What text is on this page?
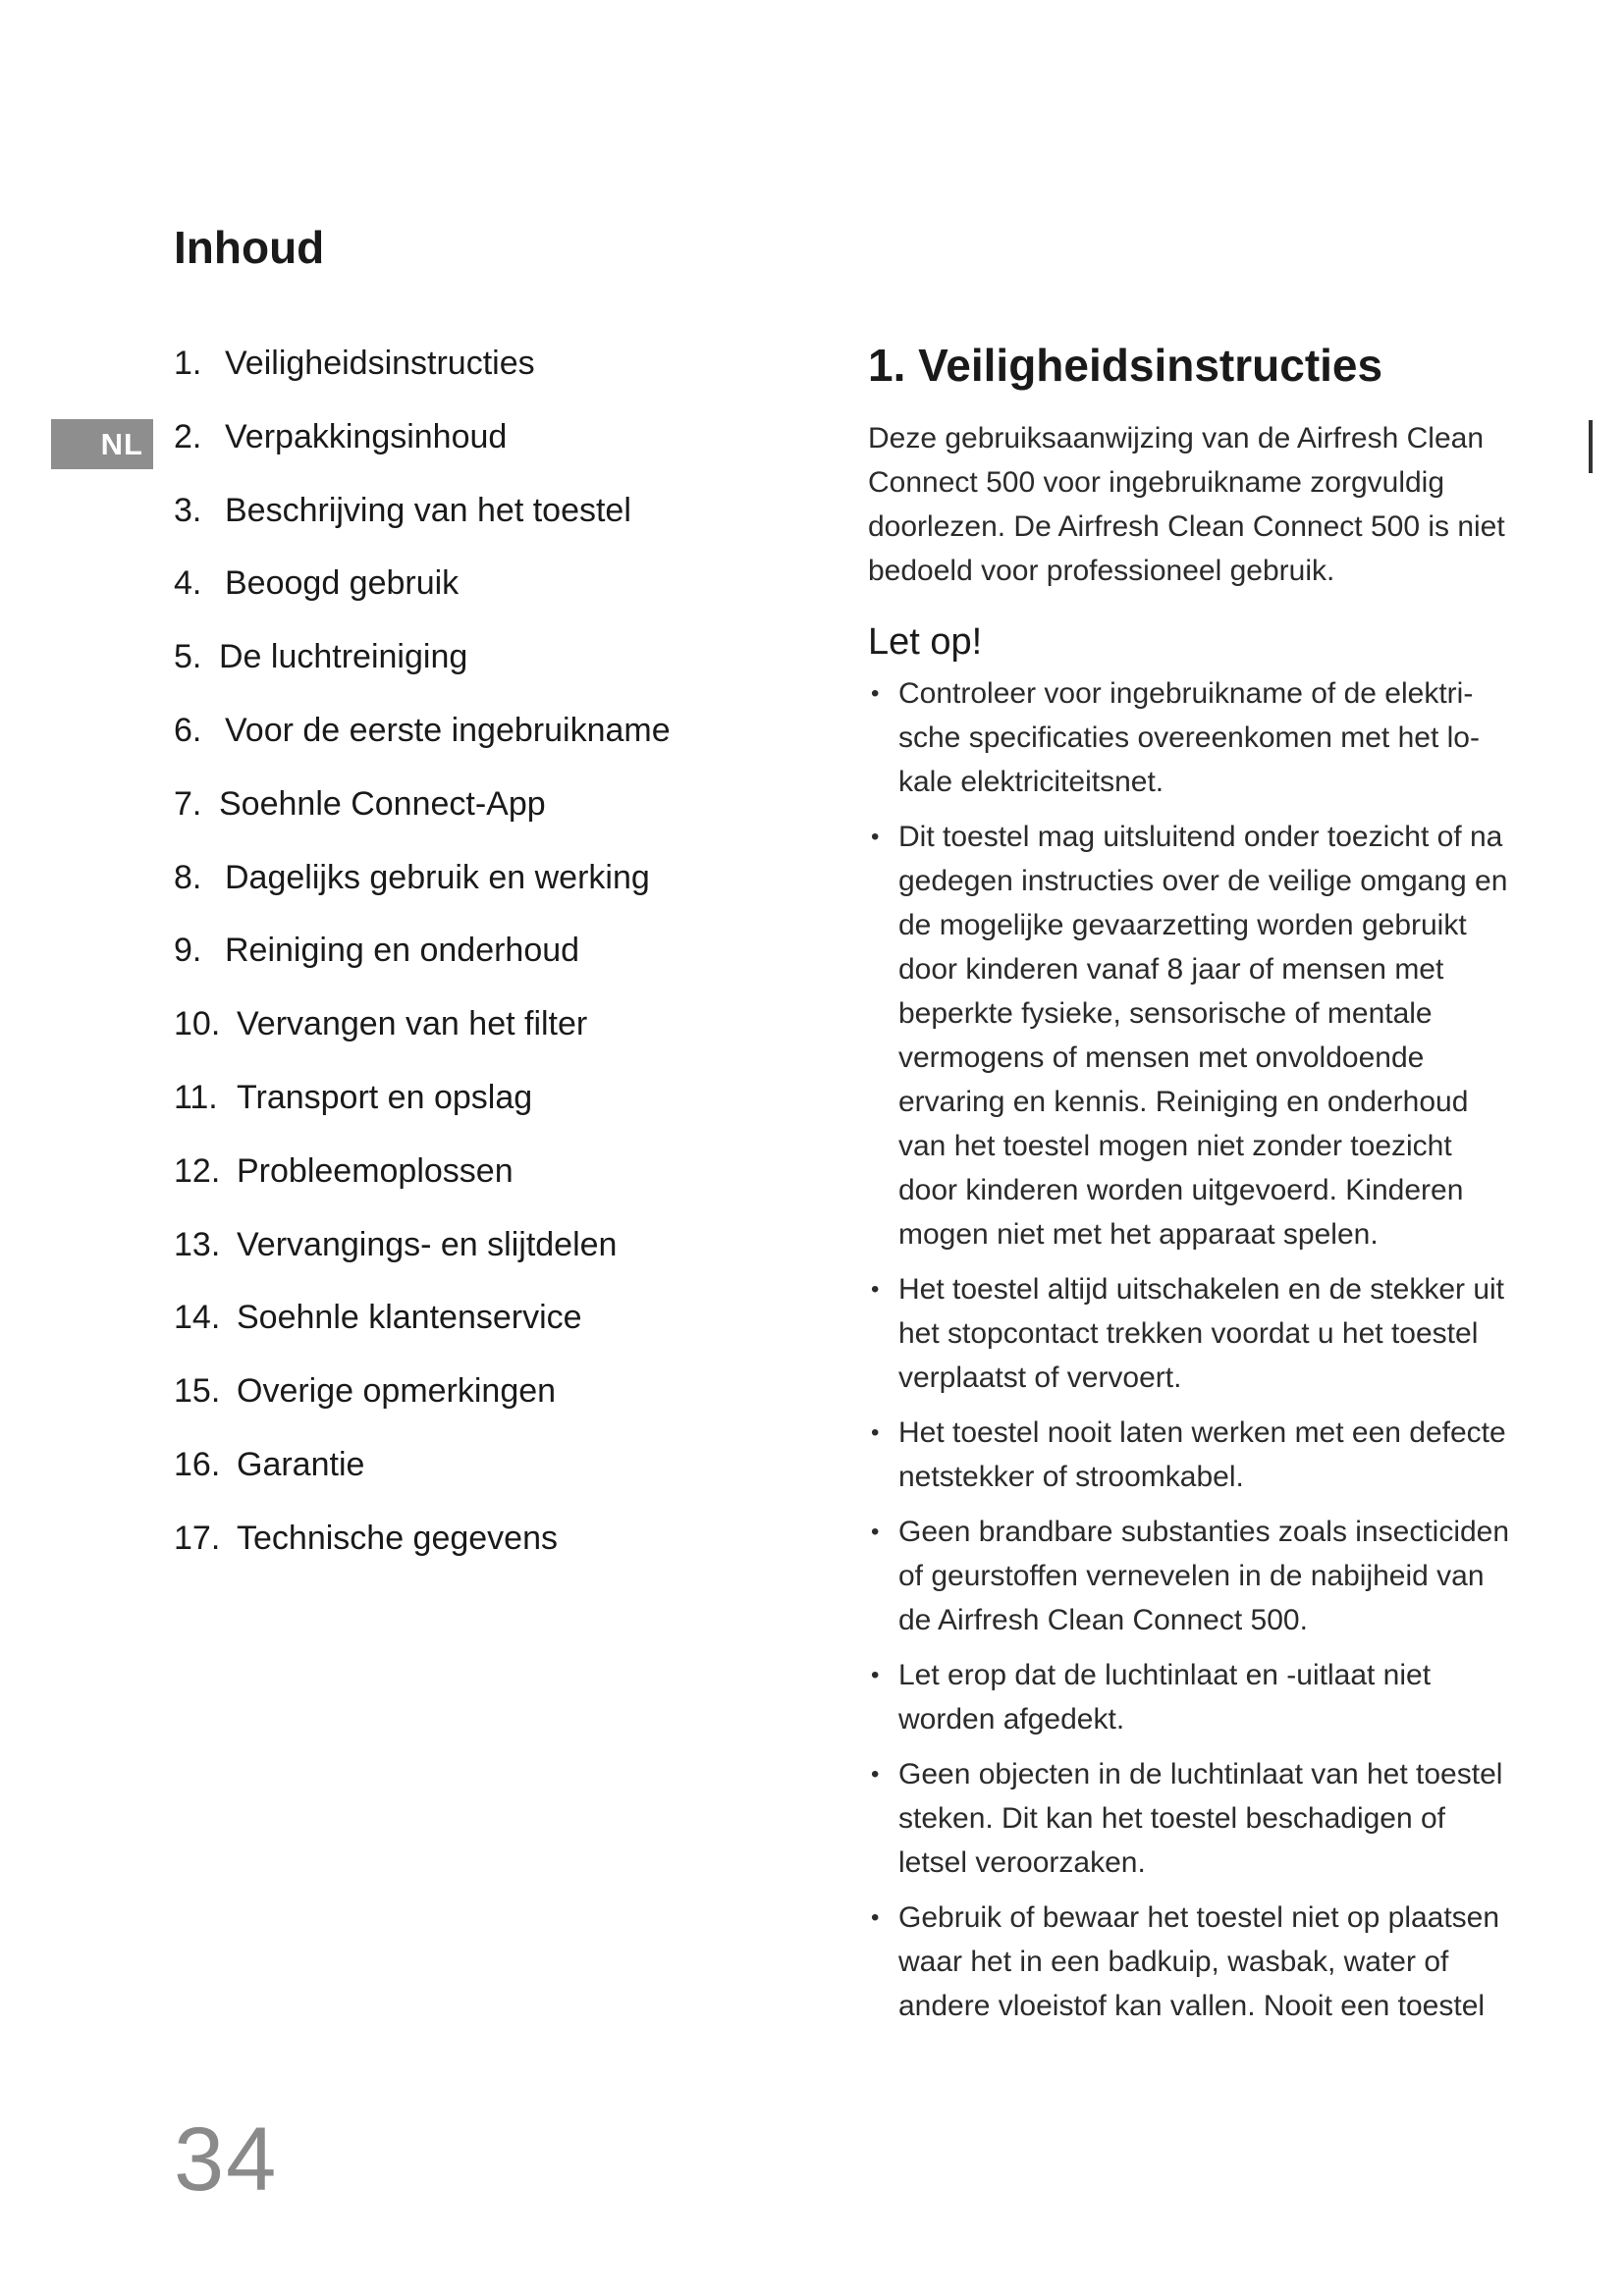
Inhoud
NL
1. Veiligheidsinstructies
2. Verpakkingsinhoud
3. Beschrijving van het toestel
4. Beoogd gebruik
5. De luchtreiniging
6. Voor de eerste ingebruikname
7. Soehnle Connect-App
8. Dagelijks gebruik en werking
9. Reiniging en onderhoud
10. Vervangen van het filter
11. Transport en opslag
12. Probleemoplossen
13. Vervangings- en slijtdelen
14. Soehnle klantenservice
15. Overige opmerkingen
16. Garantie
17. Technische gegevens
1. Veiligheidsinstructies

Deze gebruiksaanwijzing van de Airfresh Clean Connect 500 voor ingebruikname zorgvuldig doorlezen. De Airfresh Clean Connect 500 is niet bedoeld voor professioneel gebruik.

Let op!
• Controleer voor ingebruikname of de elektrische specificaties overeenkomen met het lokale elektriciteitsnet.
• Dit toestel mag uitsluitend onder toezicht of na gedegen instructies over de veilige omgang en de mogelijke gevaarzetting worden gebruikt door kinderen vanaf 8 jaar of mensen met beperkte fysieke, sensorische of mentale vermogens of mensen met onvoldoende ervaring en kennis. Reiniging en onderhoud van het toestel mogen niet zonder toezicht door kinderen worden uitgevoerd. Kinderen mogen niet met het apparaat spelen.
• Het toestel altijd uitschakelen en de stekker uit het stopcontact trekken voordat u het toestel verplaatst of vervoert.
• Het toestel nooit laten werken met een defecte netstekker of stroomkabel.
• Geen brandbare substanties zoals insecticiden of geurstoffen vernevelen in de nabijheid van de Airfresh Clean Connect 500.
• Let erop dat de luchtinlaat en -uitlaat niet worden afgedekt.
• Geen objecten in de luchtinlaat van het toestel steken. Dit kan het toestel beschadigen of letsel veroorzaken.
• Gebruik of bewaar het toestel niet op plaatsen waar het in een badkuip, wasbak, water of andere vloeistof kan vallen. Nooit een toestel
34
